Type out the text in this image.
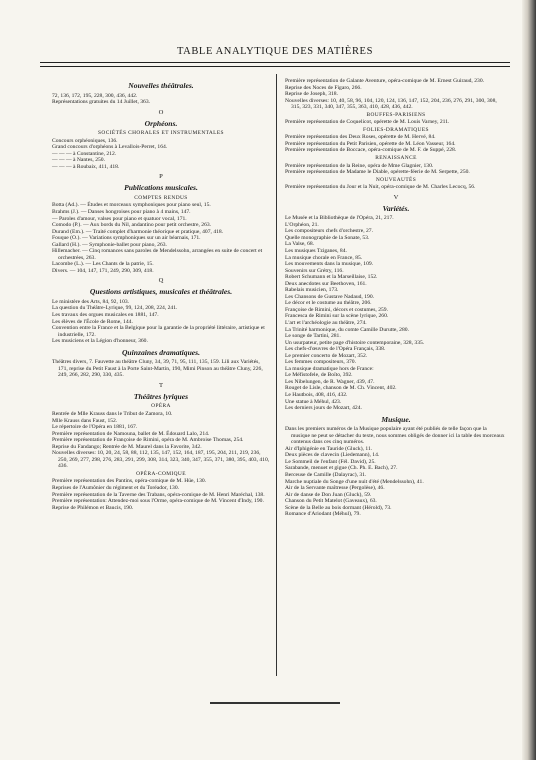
TABLE ANALYTIQUE DES MATIÈRES

Nouvelles théâtrales.

72, 136, 172, 195, 228, 300, 436, 442.

Représentations gratuites du 14 Juillet, 363.

O

Orphéons.

SOCIÉTÉS CHORALES ET INSTRUMENTALES

Concours orphéoniques, 136.

Grand concours d'orphéons à Levallois-Perret, 164.

— — — à Constantine, 212.

— — — à Nantes, 250.

— — — à Roubaix, 411, 418.

P

Publications musicales.

COMPTES RENDUS

Botta (Ad.). — Études et morceaux symphoniques pour piano seul, 15.

Brahms (J.). — Danses hongroises pour piano à 4 mains, 147.

— Paroles d'amour, valses pour piano et quatuor vocal, 171.

Comodo (P.). — Aux bords du Nil, andantino pour petit orchestre, 263.

Durand (Em.). — Traité complet d'harmonie théorique et pratique, 407, 418.

Fouque (O.). — Variations symphoniques sur un air béarnais, 171.

Gallard (H.). — Symphonie-ballet pour piano, 263.

Hillemacher. — Cinq romances sans paroles de Mendelssohn, arrangées en suite de concert et orchestrées, 263.

Lacombe (L.). — Les Chants de la patrie, 15.

Divers. — 104, 147, 171, 249, 290, 309, 418.

Q

Questions artistiques, musicales et théâtrales.

Le ministère des Arts, 84, 92, 103.

La question du Théâtre-Lyrique, 99, 124, 208, 224, 241.

Les travaux des orgues musicales en 1881, 147.

Les élèves de l'École de Rome, 144.

Convention entre la France et la Belgique pour la garantie de la propriété littéraire, artistique et industrielle, 172.

Les musiciens et la Légion d'honneur, 360.

Quinzaines dramatiques.

Théâtres divers, 7. Fauvette au théâtre Cluny, 34, 39, 71, 95, 111, 135, 159. Lili aux Variétés, 171, reprise du Petit Faust à la Porte Saint-Martin, 190, Mimi Pinson au théâtre Cluny, 226, 249, 266, 282, 290, 330, 435.

T

Théâtres lyriques

OPÉRA

Rentrée de Mlle Krauss dans le Tribut de Zamora, 10.

Mlle Krauss dans Faust, 152.

Le répertoire de l'Opéra en 1881, 167.

Première représentation de Namouna, ballet de M. Édouard Lalo, 214.

Première représentation de Françoise de Rimini, opéra de M. Ambroise Thomas, 254.

Reprise du Fandango; Rentrée de M. Maurel dans la Favorite, 342.

Nouvelles diverses: 10, 20, 24, 58, 88, 112, 135, 147, 152, 164, 187, 195, 204, 211, 219, 236, 250, 269, 277, 298, 276, 283, 291, 299, 308, 314, 323, 340, 347, 355, 371, 380, 395, 403, 410, 436.

OPÉRA-COMIQUE

Première représentation des Pantins, opéra-comique de M. Hüe, 130.

Reprises de l'Aumônier du régiment et du Toréador, 130.

Première représentation de la Taverne des Trabans, opéra-comique de M. Henri Maréchal, 138.

Première représentation: Attendez-moi sous l'Orme, opéra-comique de M. Vincent d'Indy, 190.

Reprise de Philémon et Baucis, 190.

Première représentation de Galante Aventure, opéra-comique de M. Ernest Guiraud, 230.

Reprise des Noces de Figaro, 266.

Reprise de Joseph, 318.

Nouvelles diverses: 10, 40, 58, 96, 104, 120, 124, 136, 147, 152, 204, 236, 276, 291, 300, 308, 315, 323, 331, 340, 347, 355, 363, 410, 428, 436, 442.

BOUFFES-PARISIENS

Première représentation de Coquelicot, opérette de M. Louis Varney, 211.

FOLIES-DRAMATIQUES

Première représentation des Deux Roses, opérette de M. Hervé, 84.

Première représentation du Petit Parisien, opérette de M. Léon Vasseur, 164.

Première représentation de Boccace, opéra-comique de M. F. de Suppé, 228.

RENAISSANCE

Première représentation de la Reine, opéra de Mme Glagnier, 130.

Première représentation de Madame le Diable, opérette-féerie de M. Serpette, 250.

NOUVEAUTÉS

Première représentation du Jour et la Nuit, opéra-comique de M. Charles Lecocq, 56.

V

Variétés.

Le Musée et la Bibliothèque de l'Opéra, 21, 217.

L'Orphéon, 21.

Les compositeurs chefs d'orchestre, 27.

Quelle monographie de la Sonate, 53.

La Valse, 68.

Les musiques Tziganes, 84.

La musique chorale en France, 85.

Les mouvements dans la musique, 109.

Souvenirs sur Grétry, 116.

Robert Schumann et la Marseillaise, 152.

Deux anecdotes sur Beethoven, 161.

Rabelais musicien, 173.

Les Chansons de Gustave Nadaud, 190.

Le décor et le costume au théâtre, 206.

Françoise de Rimini, décors et costumes, 259.

Francesca de Rimini sur la scène lyrique, 260.

L'art et l'archéologie au théâtre, 274.

La Trinité harmonique, du comte Camille Durutte, 280.

Le songe de Tartini, 281.

Un usurpateur, petite page d'histoire contemporaine, 328, 335.

Les chefs-d'œuvres de l'Opéra Français, 338.

Le premier concerto de Mozart, 352.

Les femmes compositeurs, 370.

La musique dramatique hors de France:

Le Méfistofele, de Boïto, 392.

Les Nibelungen, de R. Wagner, 439, 47.

Rouget de Lisle, chanson de M. Ch. Vincent, 402.

Le Hautbois, 408, 416, 432.

Une statue à Méhul, 423.

Les derniers jours de Mozart, 424.

Musique.

Dans les premiers numéros de la Musique populaire ayant été publiés de telle façon que la musique ne peut se détacher du texte, nous sommes obligés de donner ici la table des morceaux contenus dans ces cinq numéros.

Air d'Iphigénie en Tauride (Gluck), 11.

Deux pièces de clavecin (Liedemann), 14.

Le Sommeil de l'enfant (Fél. David), 25.

Sarabande, menuet et gigue (Ch. Ph. E. Bach), 27.

Berceuse de Camille (Dalayrac), 31.

Marche nuptiale du Songe d'une nuit d'été (Mendelssohn), 41.

Air de la Servante maîtresse (Pergolèse), 46.

Air de danse de Don Juan (Gluck), 59.

Chanson du Petit Matelot (Gaveaux), 63.

Scène de la Belle au bois dormant (Hérold), 73.

Romance d'Ariodant (Méhul), 79.
